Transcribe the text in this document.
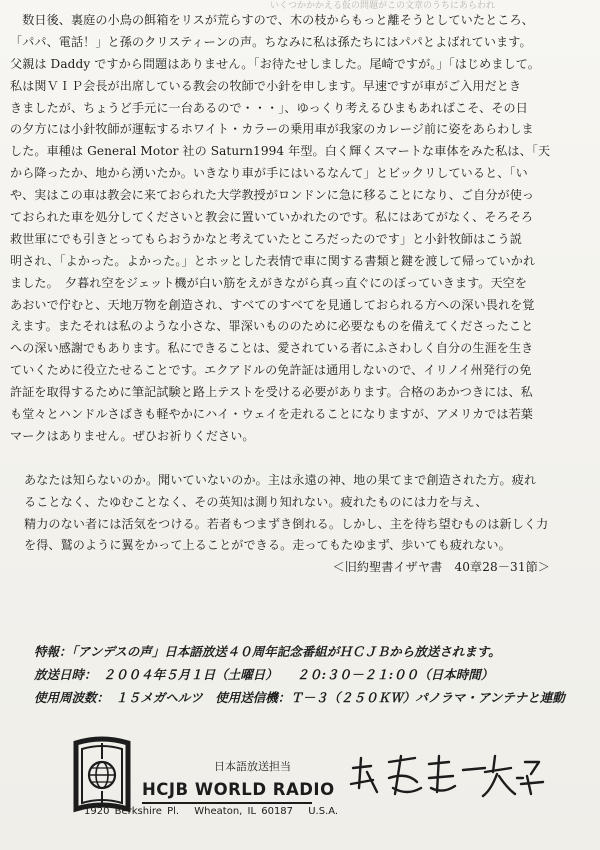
いくつかかかえる仮の問題がこの文章のうちにあらわれ
　数日後、裏庭の小鳥の餌箱をリスが荒らすので、木の枝からもっと離そうとしていたところ、
「パパ、電話！」と孫のクリスティーンの声。ちなみに私は孫たちにはパパとよばれています。
父親は Daddy ですから問題はありません。「お待たせしました。尾崎ですが。」「はじめまして。
私は関ＶＩＰ会長が出席している教会の牧師で小針を申します。早速ですが車がご入用だとき
きましたが、ちょうど手元に一台あるので・・・」、ゆっくり考えるひまもあればこそ、その日
の夕方には小針牧師が運転するホワイト・カラーの乗用車が我家のカレージ前に姿をあらわしま
した。車種は General Motor 社の Saturn1994 年型。白く輝くスマートな車体をみた私は、「天
から降ったか、地から湧いたか。いきなり車が手にはいるなんて」とビックリしていると、「い
や、実はこの車は教会に来ておられた大学教授がロンドンに急に移ることになり、ご自分が使っ
ておられた車を処分してくださいと教会に置いていかれたのです。私にはあてがなく、そろそろ
救世軍にでも引きとってもらおうかなと考えていたところだったのです」と小針牧師はこう説
明され、「よかった。よかった。」とホッとした表情で車に関する書類と鍵を渡して帰っていかれ
ました。　夕暮れ空をジェット機が白い筋をえがきながら真っ直ぐにのぼっていきます。天空を
あおいで佇むと、天地万物を創造され、すべてのすべてを見通しておられる方への深い畏れを覚
えます。またそれは私のような小さな、罪深いもののために必要なものを備えてくださったこと
への深い感謝でもあります。私にできることは、愛されている者にふさわしく自分の生涯を生き
ていくために役立たせることです。エクアドルの免許証は通用しないので、イリノイ州発行の免
許証を取得するために筆記試験と路上テストを受ける必要があります。合格のあかつきには、私
も堂々とハンドルさばきも軽やかにハイ・ウェイを走れることになりますが、アメリカでは若葉
マークはありません。ぜひお祈りください。
あなたは知らないのか。聞いていないのか。主は永遠の神、地の果てまで創造された方。疲れ
ることなく、たゆむことなく、その英知は測り知れない。疲れたものには力を与え、
精力のない者には活気をつける。若者もつまずき倒れる。しかし、主を待ち望むものは新しく力
を得、鷲のように翼をかって上ることができる。走ってもたゆまず、歩いても疲れない。
＜旧約聖書イザヤ書　40章28－31節＞
特報：「アンデスの声」日本語放送４０周年記念番組がＨＣＪＢから放送されます。
放送日時：　２００４年５月１日（土曜日）　　２０:３０－２１:００（日本時間）
使用周波数：　１５メガヘルツ　使用送信機：Ｔ－３（２５０ＫＷ）パノラマ・アンテナと連動
日本語放送担当
HCJB WORLD RADIO
1920 Berkshire Pl. Wheaton, IL 60187 U.S.A.
